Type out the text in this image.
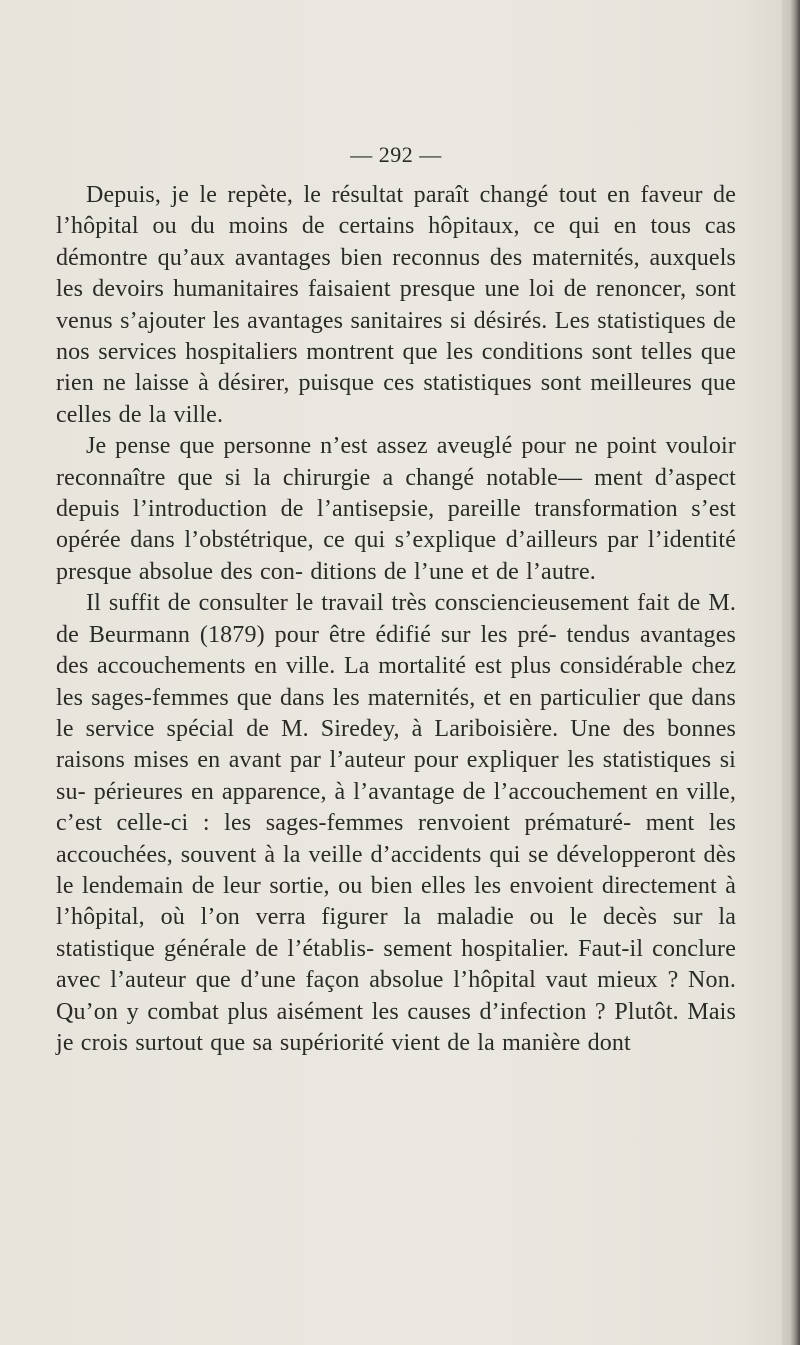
— 292 —

Depuis, je le repète, le résultat paraît changé tout en faveur de l’hôpital ou du moins de certains hôpitaux, ce qui en tous cas démontre qu’aux avantages bien reconnus des maternités, auxquels les devoirs humanitaires faisaient presque une loi de renoncer, sont venus s’ajouter les avantages sanitaires si désirés. Les statistiques de nos services hospitaliers montrent que les conditions sont telles que rien ne laisse à désirer, puisque ces statistiques sont meilleures que celles de la ville.

Je pense que personne n’est assez aveuglé pour ne point vouloir reconnaître que si la chirurgie a changé notable— ment d’aspect depuis l’introduction de l’antisepsie, pareille transformation s’est opérée dans l’obstétrique, ce qui s’explique d’ailleurs par l’identité presque absolue des con- ditions de l’une et de l’autre.

Il suffit de consulter le travail très consciencieusement fait de M. de Beurmann (1879) pour être édifié sur les pré- tendus avantages des accouchements en ville. La mortalité est plus considérable chez les sages-femmes que dans les maternités, et en particulier que dans le service spécial de M. Siredey, à Lariboisière. Une des bonnes raisons mises en avant par l’auteur pour expliquer les statistiques si su- périeures en apparence, à l’avantage de l’accouchement en ville, c’est celle-ci : les sages-femmes renvoient prématuré- ment les accouchées, souvent à la veille d’accidents qui se développeront dès le lendemain de leur sortie, ou bien elles les envoient directement à l’hôpital, où l’on verra figurer la maladie ou le decès sur la statistique générale de l’établis- sement hospitalier. Faut-il conclure avec l’auteur que d’une façon absolue l’hôpital vaut mieux ? Non. Qu’on y combat plus aisément les causes d’infection ? Plutôt. Mais je crois surtout que sa supériorité vient de la manière dont
